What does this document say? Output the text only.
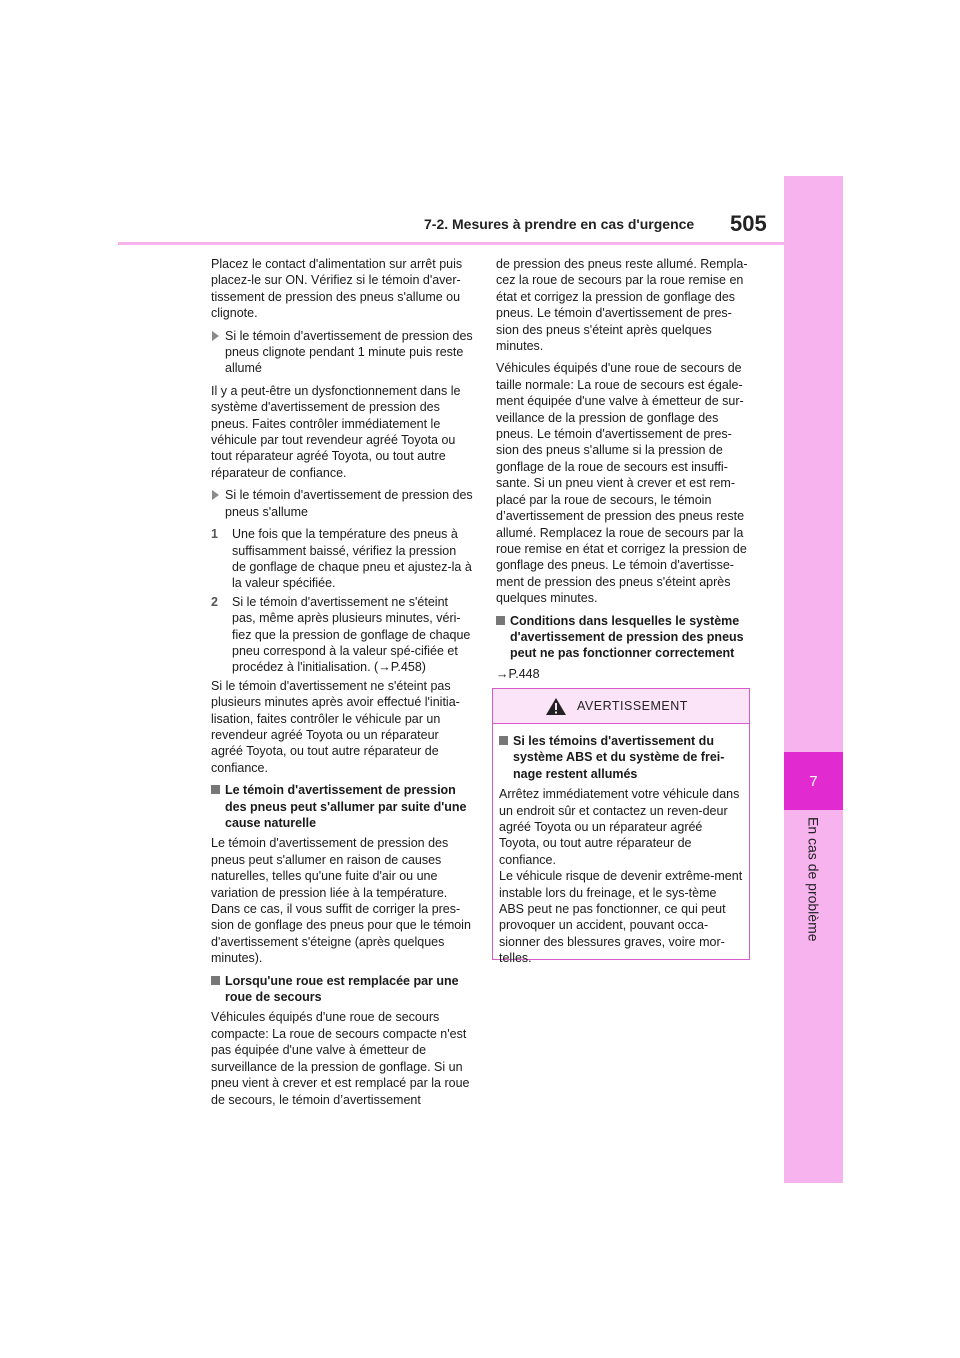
7
En cas de problème
7-2. Mesures à prendre en cas d'urgence 505

Placez le contact d'alimentation sur arrêt puis placez-le sur ON. Vérifiez si le témoin d'aver-tissement de pression des pneus s'allume ou clignote.

Si le témoin d'avertissement de pression des pneus clignote pendant 1 minute puis reste allumé

Il y a peut-être un dysfonctionnement dans le système d'avertissement de pression des pneus. Faites contrôler immédiatement le véhicule par tout revendeur agréé Toyota ou tout réparateur agréé Toyota, ou tout autre réparateur de confiance.

Si le témoin d'avertissement de pression des pneus s'allume
1 Une fois que la température des pneus à suffisamment baissé, vérifiez la pression de gonflage de chaque pneu et ajustez-la à la valeur spécifiée.
2 Si le témoin d'avertissement ne s'éteint pas, même après plusieurs minutes, véri-fiez que la pression de gonflage de chaque pneu correspond à la valeur spé-cifiée et procédez à l'initialisation. (→P.458)

Si le témoin d'avertissement ne s'éteint pas plusieurs minutes après avoir effectué l'initia-lisation, faites contrôler le véhicule par un revendeur agréé Toyota ou un réparateur agréé Toyota, ou tout autre réparateur de confiance.

Le témoin d'avertissement de pression des pneus peut s'allumer par suite d'une cause naturelle

Le témoin d'avertissement de pression des pneus peut s'allumer en raison de causes naturelles, telles qu'une fuite d'air ou une variation de pression liée à la température. Dans ce cas, il vous suffit de corriger la pres-sion de gonflage des pneus pour que le témoin d'avertissement s'éteigne (après quelques minutes).

Lorsqu'une roue est remplacée par une roue de secours

Véhicules équipés d'une roue de secours compacte: La roue de secours compacte n'est pas équipée d'une valve à émetteur de surveillance de la pression de gonflage. Si un pneu vient à crever et est remplacé par la roue de secours, le témoin d’avertissement

de pression des pneus reste allumé. Rempla-cez la roue de secours par la roue remise en état et corrigez la pression de gonflage des pneus. Le témoin d'avertissement de pres-sion des pneus s'éteint après quelques minutes.

Véhicules équipés d'une roue de secours de taille normale: La roue de secours est égale-ment équipée d'une valve à émetteur de sur-veillance de la pression de gonflage des pneus. Le témoin d'avertissement de pres-sion des pneus s'allume si la pression de gonflage de la roue de secours est insuffi-sante. Si un pneu vient à crever et est rem-placé par la roue de secours, le témoin d’avertissement de pression des pneus reste allumé. Remplacez la roue de secours par la roue remise en état et corrigez la pression de gonflage des pneus. Le témoin d'avertisse-ment de pression des pneus s'éteint après quelques minutes.

Conditions dans lesquelles le système d'avertissement de pression des pneus peut ne pas fonctionner correctement

→P.448

AVERTISSEMENT
Si les témoins d'avertissement du système ABS et du système de frei-nage restent allumés

Arrêtez immédiatement votre véhicule dans un endroit sûr et contactez un reven-deur agréé Toyota ou un réparateur agréé Toyota, ou tout autre réparateur de confiance.

Le véhicule risque de devenir extrême-ment instable lors du freinage, et le sys-tème ABS peut ne pas fonctionner, ce qui peut provoquer un accident, pouvant occa-sionner des blessures graves, voire mor-telles.
